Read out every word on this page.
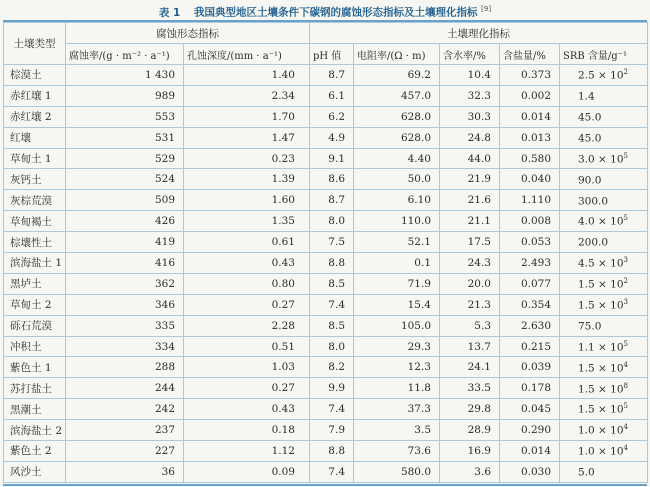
表 1 我国典型地区土壤条件下碳钢的腐蚀形态指标及土壤理化指标 [9]
土壤类型	腐蚀形态指标		土壤理化指标				
	腐蚀率/(g · m⁻² · a⁻¹)	孔蚀深度/(mm · a⁻¹)	pH 值	电阻率/(Ω · m)	含水率/%	含盐量/%	SRB 含量/g⁻¹
棕漠土	1 430	1.40	8.7	69.2	10.4	0.373	$2.5 \times 10^2$
赤红壤 1	989	2.34	6.1	457.0	32.3	0.002	1.4
赤红壤 2	553	1.70	6.2	628.0	30.3	0.014	45.0
红壤	531	1.47	4.9	628.0	24.8	0.013	45.0
草甸土 1	529	0.23	9.1	4.40	44.0	0.580	$3.0 \times 10^5$
灰钙土	524	1.39	8.6	50.0	21.9	0.040	90.0
灰棕荒漠	509	1.60	8.7	6.10	21.6	1.110	300.0
草甸褐土	426	1.35	8.0	110.0	21.1	0.008	$4.0 \times 10^5$
棕壤性土	419	0.61	7.5	52.1	17.5	0.053	200.0
滨海盐土 1	416	0.43	8.8	0.1	24.3	2.493	$4.5 \times 10^3$
黑垆土	362	0.80	8.5	71.9	20.0	0.077	$1.5 \times 10^2$
草甸土 2	346	0.27	7.4	15.4	21.3	0.354	$1.5 \times 10^3$
砾石荒漠	335	2.28	8.5	105.0	5.3	2.630	75.0
冲积土	334	0.51	8.0	29.3	13.7	0.215	$1.1 \times 10^5$
紫色土 1	288	1.03	8.2	12.3	24.1	0.039	$1.5 \times 10^4$
苏打盐土	244	0.27	9.9	11.8	33.5	0.178	$1.5 \times 10^8$
黑潮土	242	0.43	7.4	37.3	29.8	0.045	$1.5 \times 10^5$
滨海盐土 2	237	0.18	7.9	3.5	28.9	0.290	$1.0 \times 10^4$
紫色土 2	227	1.12	8.8	73.6	16.9	0.014	$1.0 \times 10^4$
风沙土	36	0.09	7.4	580.0	3.6	0.030	5.0
